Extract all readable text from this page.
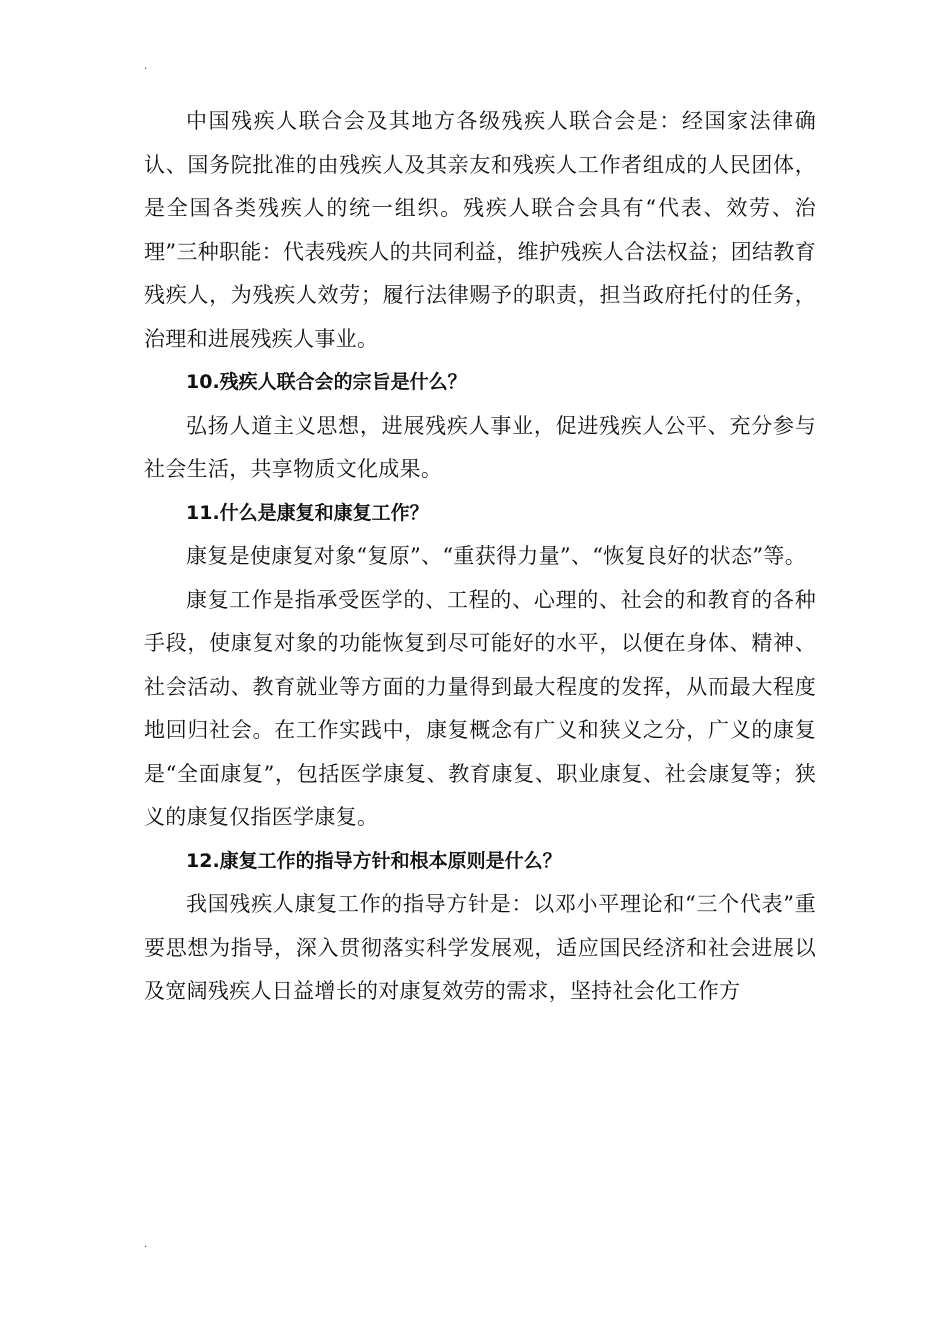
.

中国残疾人联合会及其地方各级残疾人联合会是：经国家法律确认、国务院批准的由残疾人及其亲友和残疾人工作者组成的人民团体，是全国各类残疾人的统一组织。残疾人联合会具有“代表、效劳、治理”三种职能：代表残疾人的共同利益，维护残疾人合法权益；团结教育残疾人，为残疾人效劳；履行法律赐予的职责，担当政府托付的任务，治理和进展残疾人事业。

10.残疾人联合会的宗旨是什么？

弘扬人道主义思想，进展残疾人事业，促进残疾人公平、充分参与社会生活，共享物质文化成果。

11.什么是康复和康复工作？

康复是使康复对象“复原”、“重获得力量”、“恢复良好的状态”等。

康复工作是指承受医学的、工程的、心理的、社会的和教育的各种手段，使康复对象的功能恢复到尽可能好的水平，以便在身体、精神、社会活动、教育就业等方面的力量得到最大程度的发挥，从而最大程度地回归社会。在工作实践中，康复概念有广义和狭义之分，广义的康复是“全面康复”，包括医学康复、教育康复、职业康复、社会康复等；狭义的康复仅指医学康复。

12.康复工作的指导方针和根本原则是什么？

我国残疾人康复工作的指导方针是：以邓小平理论和“三个代表”重要思想为指导，深入贯彻落实科学发展观，适应国民经济和社会进展以及宽阔残疾人日益增长的对康复效劳的需求，坚持社会化工作方

.
